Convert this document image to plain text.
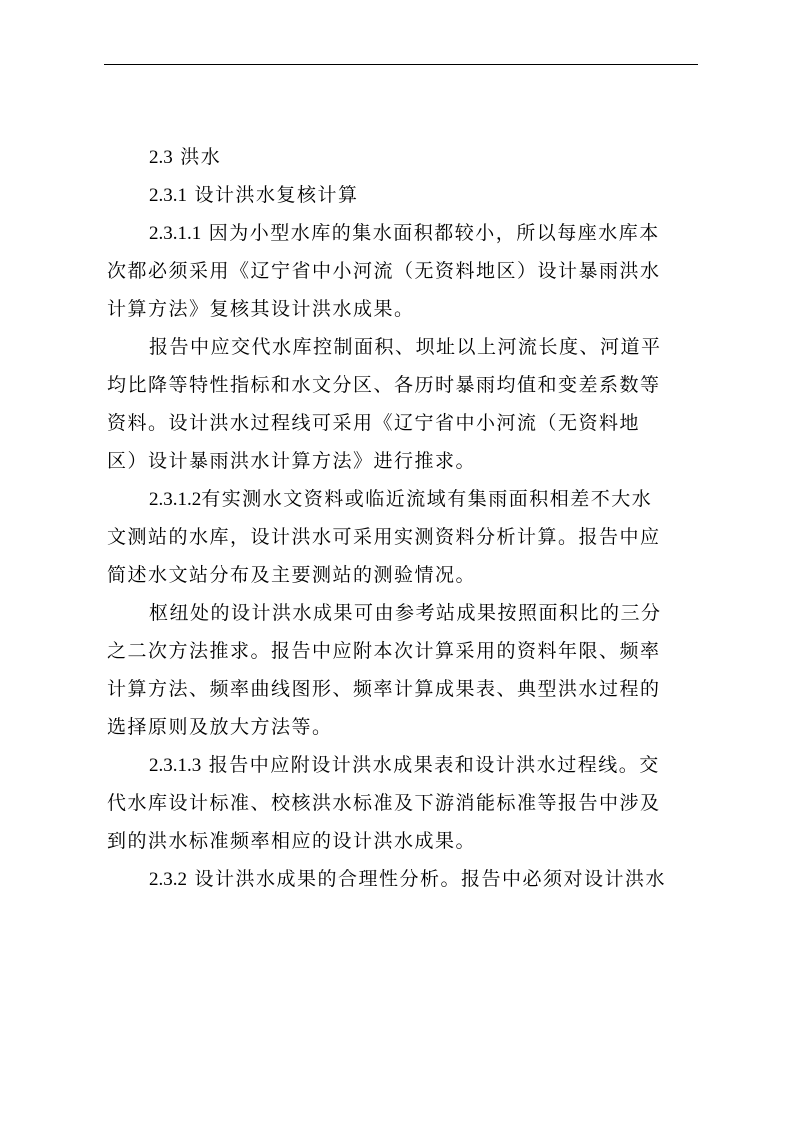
2.3 洪水
2.3.1 设计洪水复核计算
2.3.1.1 因为小型水库的集水面积都较小，所以每座水库本
次都必须采用《辽宁省中小河流（无资料地区）设计暴雨洪水
计算方法》复核其设计洪水成果。
报告中应交代水库控制面积、坝址以上河流长度、河道平
均比降等特性指标和水文分区、各历时暴雨均值和变差系数等
资料。设计洪水过程线可采用《辽宁省中小河流（无资料地
区）设计暴雨洪水计算方法》进行推求。
2.3.1.2有实测水文资料或临近流域有集雨面积相差不大水
文测站的水库，设计洪水可采用实测资料分析计算。报告中应
简述水文站分布及主要测站的测验情况。
枢纽处的设计洪水成果可由参考站成果按照面积比的三分
之二次方法推求。报告中应附本次计算采用的资料年限、频率
计算方法、频率曲线图形、频率计算成果表、典型洪水过程的
选择原则及放大方法等。
2.3.1.3 报告中应附设计洪水成果表和设计洪水过程线。交
代水库设计标准、校核洪水标准及下游消能标准等报告中涉及
到的洪水标准频率相应的设计洪水成果。
2.3.2 设计洪水成果的合理性分析。报告中必须对设计洪水
